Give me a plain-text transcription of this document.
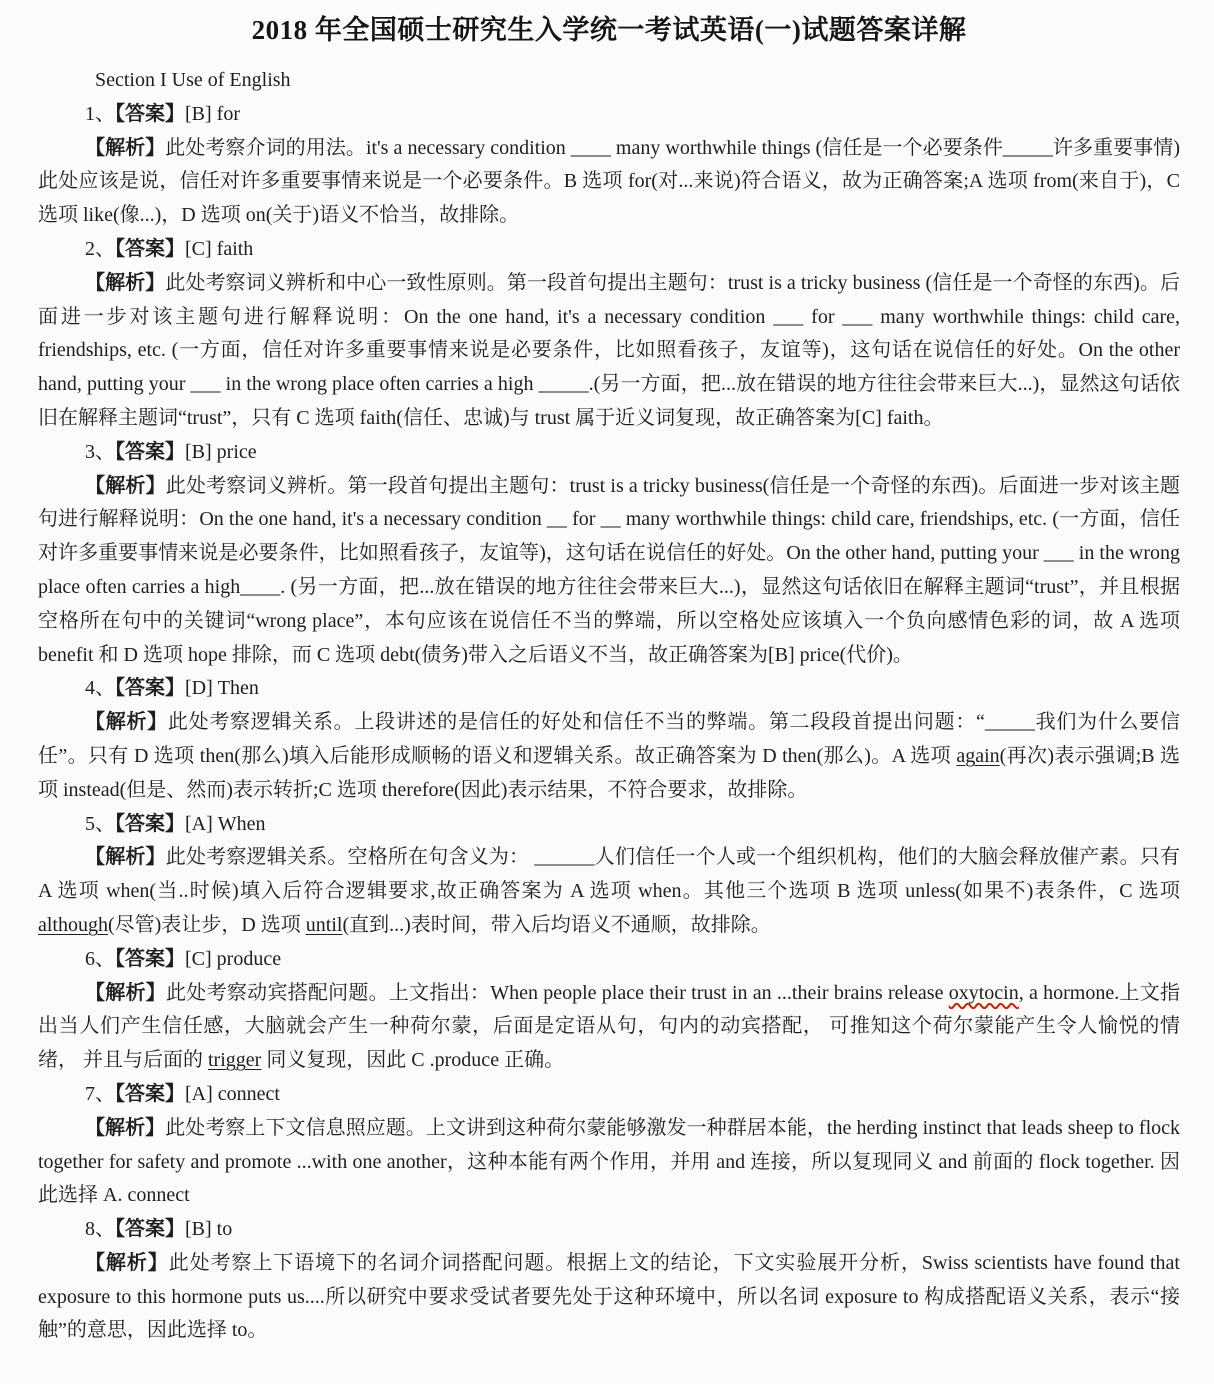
2018 年全国硕士研究生入学统一考试英语(一)试题答案详解

Section I Use of English

1、【答案】[B] for

【解析】此处考察介词的用法。it's a necessary condition ____ many worthwhile things (信任是一个必要条件_____许多重要事情) 此处应该是说，信任对许多重要事情来说是一个必要条件。B 选项 for(对...来说)符合语义，故为正确答案;A 选项 from(来自于)，C 选项 like(像...)，D 选项 on(关于)语义不恰当，故排除。

2、【答案】[C] faith

【解析】此处考察词义辨析和中心一致性原则。第一段首句提出主题句：trust is a tricky business (信任是一个奇怪的东西)。后面进一步对该主题句进行解释说明：On the one hand, it's a necessary condition ___ for ___ many worthwhile things: child care, friendships, etc. (一方面，信任对许多重要事情来说是必要条件，比如照看孩子，友谊等)，这句话在说信任的好处。On the other hand, putting your ___ in the wrong place often carries a high _____.(另一方面，把...放在错误的地方往往会带来巨大...)，显然这句话依旧在解释主题词“trust”，只有 C 选项 faith(信任、忠诚)与 trust 属于近义词复现，故正确答案为[C] faith。

3、【答案】[B] price

【解析】此处考察词义辨析。第一段首句提出主题句：trust is a tricky business(信任是一个奇怪的东西)。后面进一步对该主题句进行解释说明：On the one hand, it's a necessary condition __ for __ many worthwhile things: child care, friendships, etc. (一方面，信任对许多重要事情来说是必要条件，比如照看孩子，友谊等)，这句话在说信任的好处。On the other hand, putting your ___ in the wrong place often carries a high____. (另一方面，把...放在错误的地方往往会带来巨大...)，显然这句话依旧在解释主题词“trust”，并且根据空格所在句中的关键词“wrong place”，本句应该在说信任不当的弊端，所以空格处应该填入一个负向感情色彩的词，故 A 选项 benefit 和 D 选项 hope 排除，而 C 选项 debt(债务)带入之后语义不当，故正确答案为[B] price(代价)。

4、【答案】[D] Then

【解析】此处考察逻辑关系。上段讲述的是信任的好处和信任不当的弊端。第二段段首提出问题：“_____我们为什么要信任”。只有 D 选项 then(那么)填入后能形成顺畅的语义和逻辑关系。故正确答案为 D then(那么)。A 选项 again(再次)表示强调;B 选项 instead(但是、然而)表示转折;C 选项 therefore(因此)表示结果，不符合要求，故排除。

5、【答案】[A] When

【解析】此处考察逻辑关系。空格所在句含义为： ______人们信任一个人或一个组织机构，他们的大脑会释放催产素。只有 A 选项 when(当..时候)填入后符合逻辑要求,故正确答案为 A 选项 when。其他三个选项 B 选项 unless(如果不)表条件，C 选项 although(尽管)表让步，D 选项 until(直到...)表时间，带入后均语义不通顺，故排除。

6、【答案】[C] produce

【解析】此处考察动宾搭配问题。上文指出：When people place their trust in an ...their brains release oxytocin, a hormone.上文指出当人们产生信任感，大脑就会产生一种荷尔蒙，后面是定语从句，句内的动宾搭配， 可推知这个荷尔蒙能产生令人愉悦的情绪， 并且与后面的 trigger 同义复现，因此 C .produce 正确。

7、【答案】[A] connect

【解析】此处考察上下文信息照应题。上文讲到这种荷尔蒙能够激发一种群居本能，the herding instinct that leads sheep to flock together for safety and promote ...with one another，这种本能有两个作用，并用 and 连接，所以复现同义 and 前面的 flock together. 因此选择 A. connect

8、【答案】[B] to

【解析】此处考察上下语境下的名词介词搭配问题。根据上文的结论，下文实验展开分析，Swiss scientists have found that exposure to this hormone puts us....所以研究中要求受试者要先处于这种环境中，所以名词 exposure to 构成搭配语义关系，表示“接触”的意思，因此选择 to。
